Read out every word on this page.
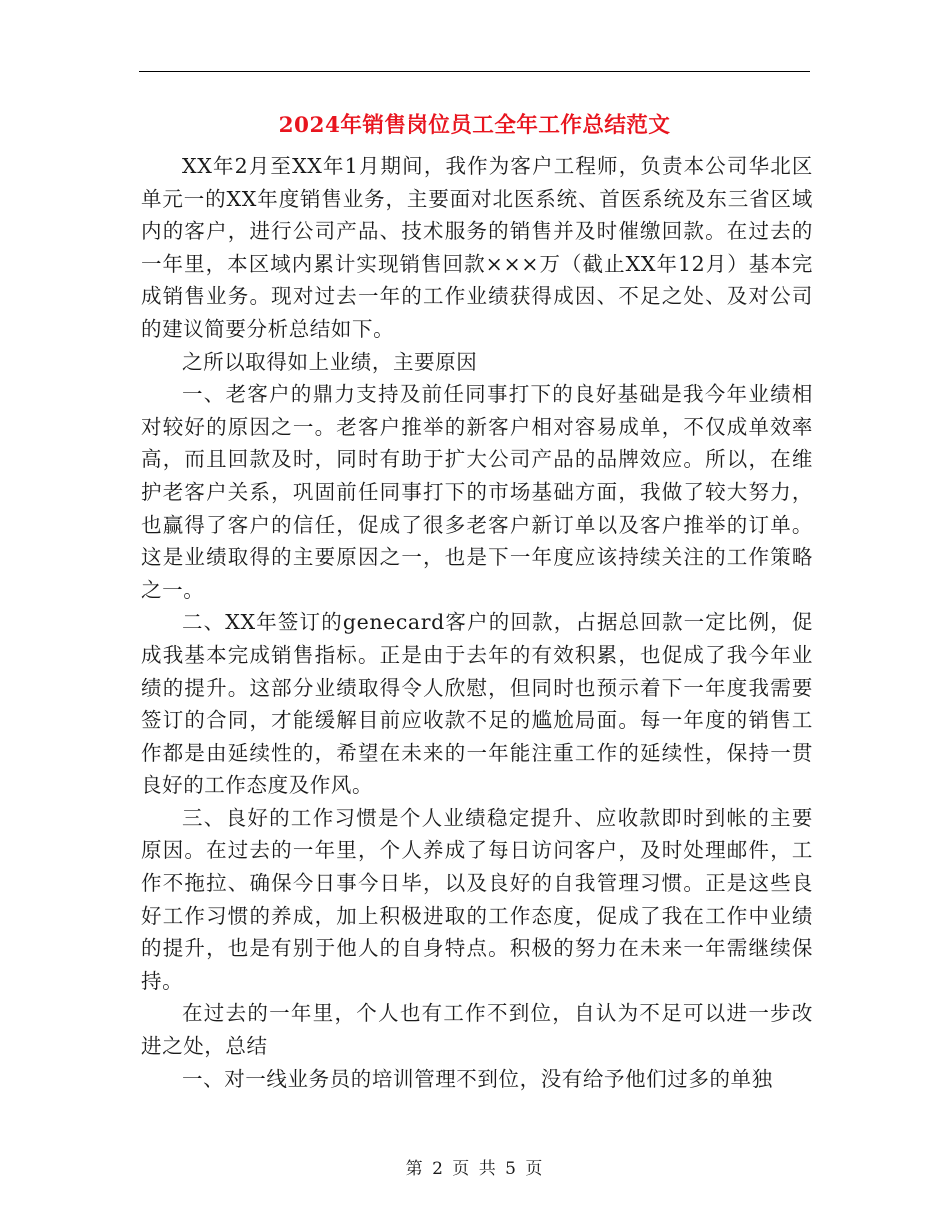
2024年销售岗位员工全年工作总结范文

XX年2月至XX年1月期间，我作为客户工程师，负责本公司华北区单元一的XX年度销售业务，主要面对北医系统、首医系统及东三省区域内的客户，进行公司产品、技术服务的销售并及时催缴回款。在过去的一年里，本区域内累计实现销售回款×××万（截止XX年12月）基本完成销售业务。现对过去一年的工作业绩获得成因、不足之处、及对公司的建议简要分析总结如下。

之所以取得如上业绩，主要原因

一、老客户的鼎力支持及前任同事打下的良好基础是我今年业绩相对较好的原因之一。老客户推举的新客户相对容易成单，不仅成单效率高，而且回款及时，同时有助于扩大公司产品的品牌效应。所以，在维护老客户关系，巩固前任同事打下的市场基础方面，我做了较大努力，也赢得了客户的信任，促成了很多老客户新订单以及客户推举的订单。这是业绩取得的主要原因之一，也是下一年度应该持续关注的工作策略之一。

二、XX年签订的genecard客户的回款，占据总回款一定比例，促成我基本完成销售指标。正是由于去年的有效积累，也促成了我今年业绩的提升。这部分业绩取得令人欣慰，但同时也预示着下一年度我需要签订的合同，才能缓解目前应收款不足的尴尬局面。每一年度的销售工作都是由延续性的，希望在未来的一年能注重工作的延续性，保持一贯良好的工作态度及作风。

三、良好的工作习惯是个人业绩稳定提升、应收款即时到帐的主要原因。在过去的一年里，个人养成了每日访问客户，及时处理邮件，工作不拖拉、确保今日事今日毕，以及良好的自我管理习惯。正是这些良好工作习惯的养成，加上积极进取的工作态度，促成了我在工作中业绩的提升，也是有别于他人的自身特点。积极的努力在未来一年需继续保持。

在过去的一年里，个人也有工作不到位，自认为不足可以进一步改进之处，总结

一、对一线业务员的培训管理不到位，没有给予他们过多的单独

第 2 页 共 5 页
